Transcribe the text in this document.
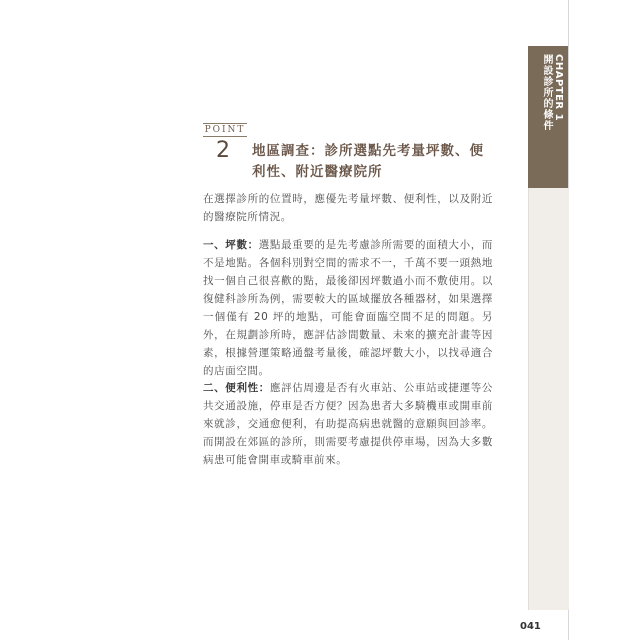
CHAPTER 1
開設診所的條件
POINT
2 地區調查：診所選點先考量坪數、便利性、附近醫療院所
在選擇診所的位置時，應優先考量坪數、便利性，以及附近的醫療院所情況。
一、坪數：選點最重要的是先考慮診所需要的面積大小，而不是地點。各個科別對空間的需求不一，千萬不要一頭熱地找一個自己很喜歡的點，最後卻因坪數過小而不敷使用。以復健科診所為例，需要較大的區域擺放各種器材，如果選擇一個僅有 20 坪的地點，可能會面臨空間不足的問題。另外，在規劃診所時，應評估診間數量、未來的擴充計畫等因素，根據營運策略通盤考量後，確認坪數大小，以找尋適合的店面空間。
二、便利性：應評估周邊是否有火車站、公車站或捷運等公共交通設施，停車是否方便？因為患者大多騎機車或開車前來就診，交通愈便利，有助提高病患就醫的意願與回診率。而開設在郊區的診所，則需要考慮提供停車場，因為大多數病患可能會開車或騎車前來。
041
